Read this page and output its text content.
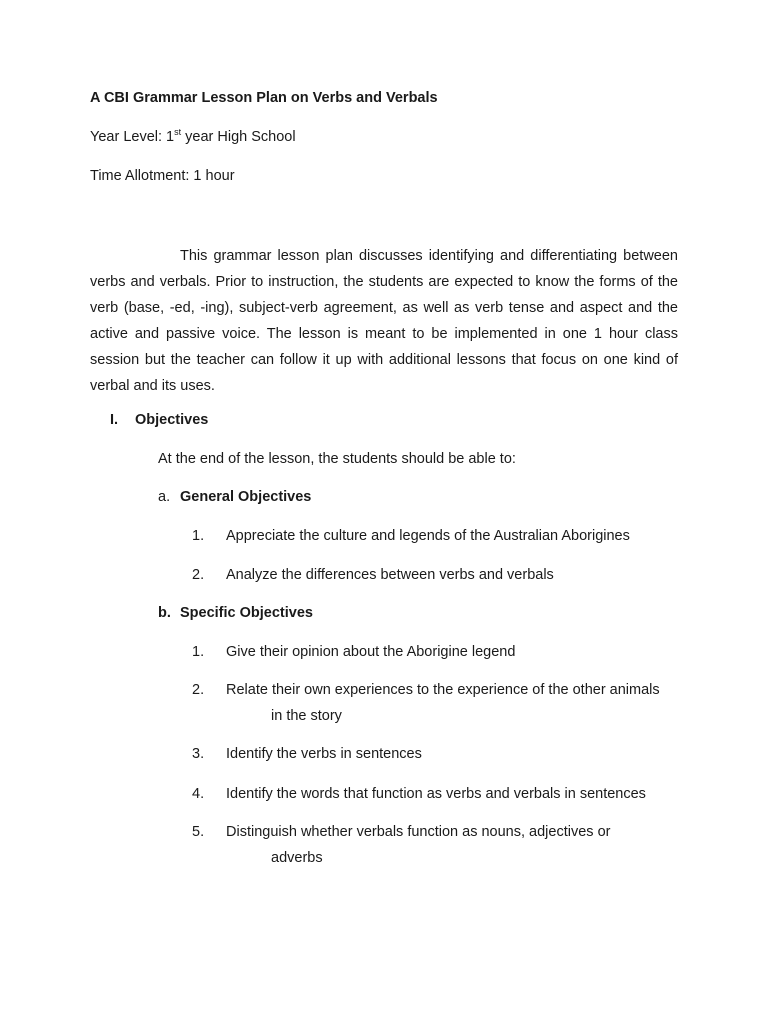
A CBI Grammar Lesson Plan on Verbs and Verbals
Year Level: 1st year High School
Time Allotment: 1 hour
This grammar lesson plan discusses identifying and differentiating between verbs and verbals. Prior to instruction, the students are expected to know the forms of the verb (base, -ed, -ing), subject-verb agreement, as well as verb tense and aspect and the active and passive voice. The lesson is meant to be implemented in one 1 hour class session but the teacher can follow it up with additional lessons that focus on one kind of verbal and its uses.
I. Objectives
At the end of the lesson, the students should be able to:
a. General Objectives
1. Appreciate the culture and legends of the Australian Aborigines
2. Analyze the differences between verbs and verbals
b. Specific Objectives
1. Give their opinion about the Aborigine legend
2. Relate their own experiences to the experience of the other animals
in the story
3. Identify the verbs in sentences
4. Identify the words that function as verbs and verbals in sentences
5. Distinguish whether verbals function as nouns, adjectives or
adverbs
